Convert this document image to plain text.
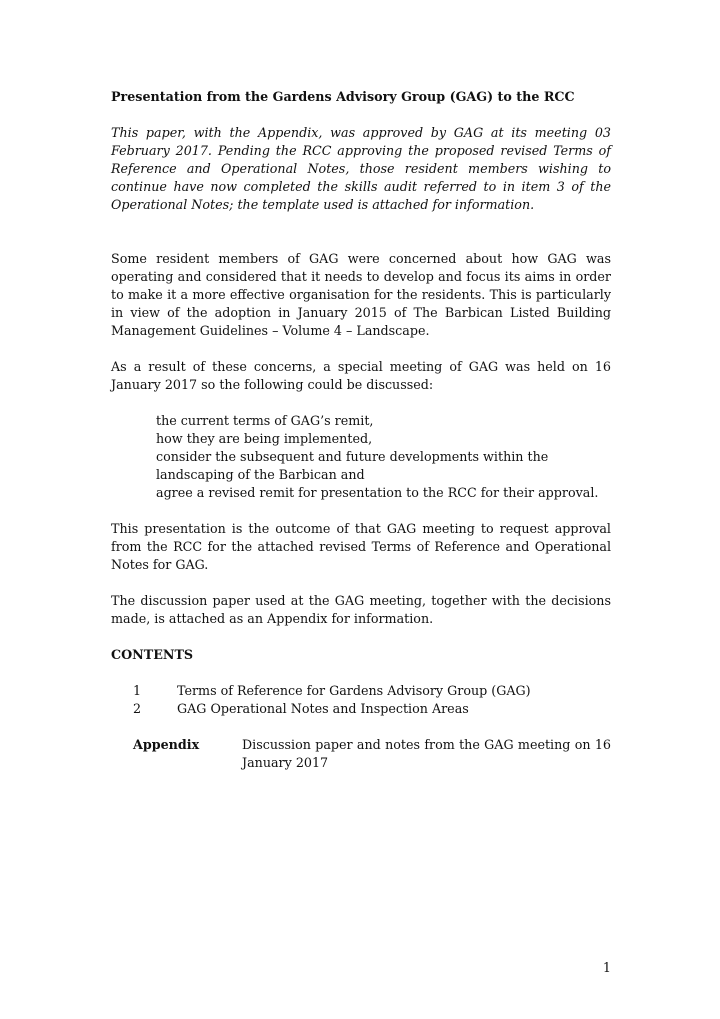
Presentation from the Gardens Advisory Group (GAG) to the RCC

This paper, with the Appendix, was approved by GAG at its meeting 03 February 2017. Pending the RCC approving the proposed revised Terms of Reference and Operational Notes, those resident members wishing to continue have now completed the skills audit referred to in item 3 of the Operational Notes; the template used is attached for information.

Some resident members of GAG were concerned about how GAG was operating and considered that it needs to develop and focus its aims in order to make it a more effective organisation for the residents. This is particularly in view of the adoption in January 2015 of The Barbican Listed Building Management Guidelines – Volume 4 – Landscape.

As a result of these concerns, a special meeting of GAG was held on 16 January 2017 so the following could be discussed:

the current terms of GAG’s remit,
how they are being implemented,
consider the subsequent and future developments within the landscaping of the Barbican and
agree a revised remit for presentation to the RCC for their approval.

This presentation is the outcome of that GAG meeting to request approval from the RCC for the attached revised Terms of Reference and Operational Notes for GAG.

The discussion paper used at the GAG meeting, together with the decisions made, is attached as an Appendix for information.

CONTENTS

1	Terms of Reference for Gardens Advisory Group (GAG)
2	GAG Operational Notes and Inspection Areas
Appendix	Discussion paper and notes from the GAG meeting on 16 January 2017
1
